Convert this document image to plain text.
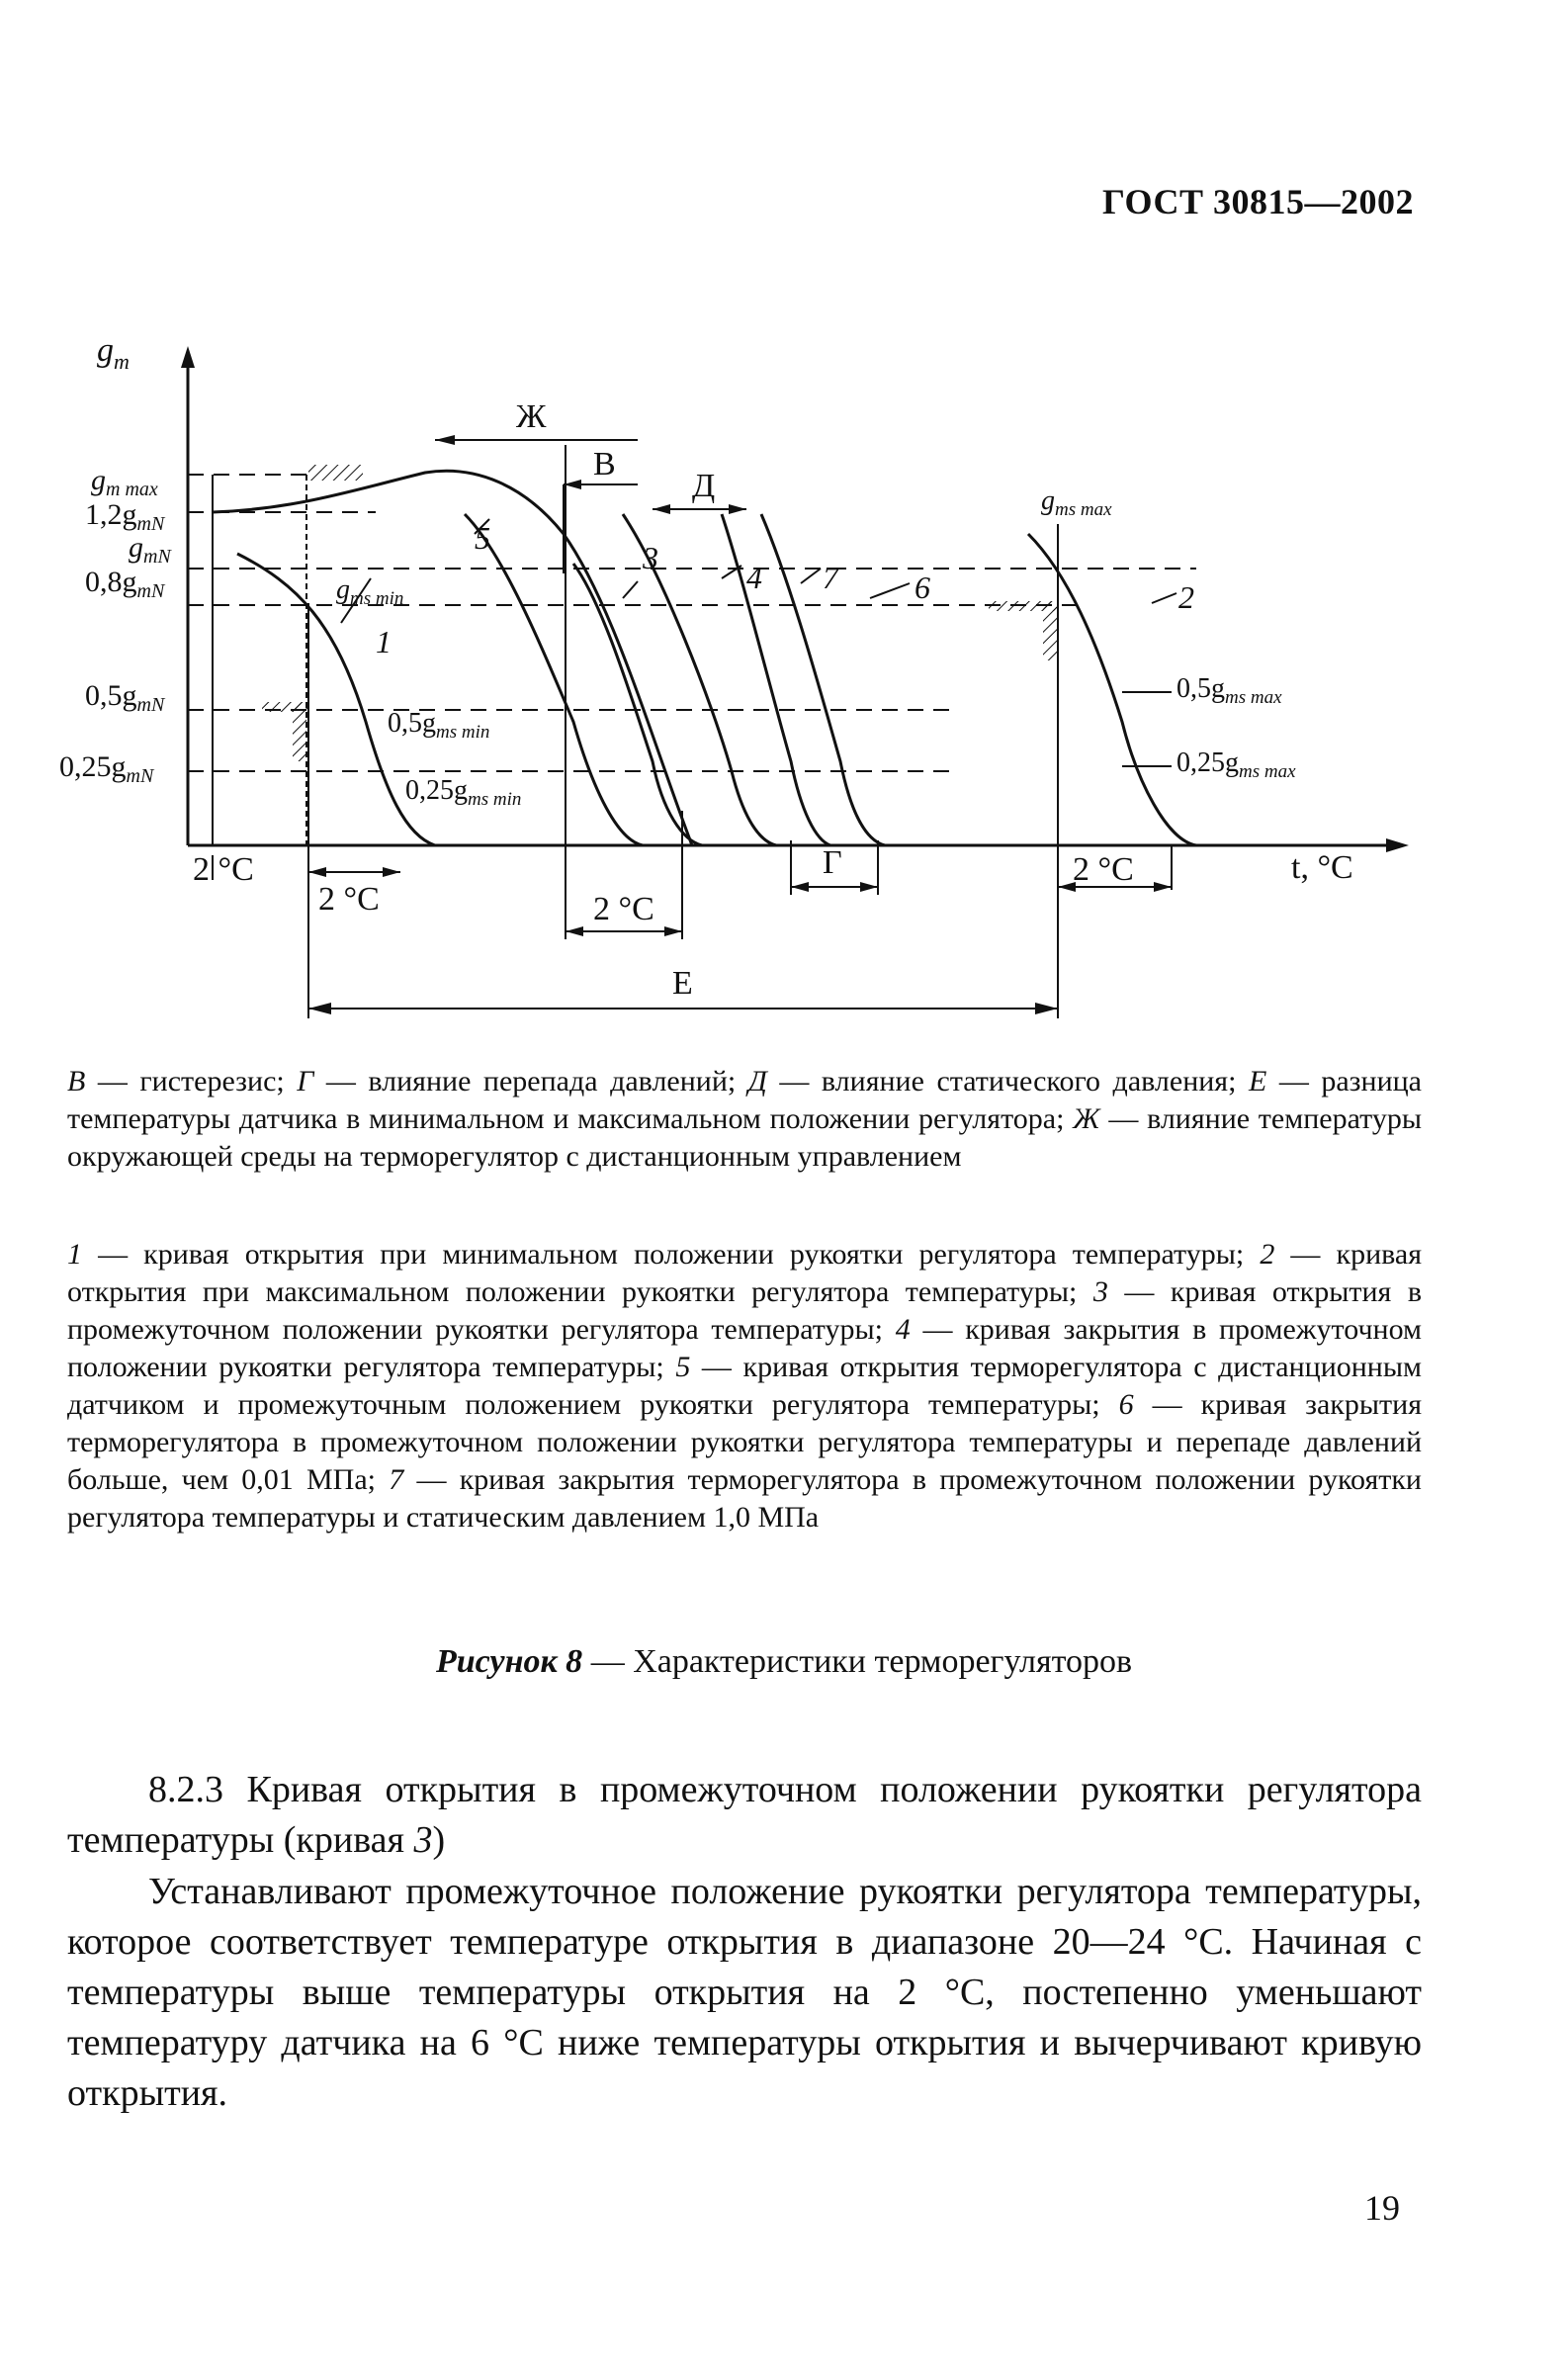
ГОСТ 30815—2002
$g_m$
t, °C
$g_{m max}$
$1,2g_{mN}$
$g_{mN}$
$0,8g_{mN}$
$0,5g_{mN}$
$0,25g_{mN}$
1
2
3
4
5
6
7
$g_{ms min}$
$g_{ms max}$
$0,5g_{ms min}$
$0,25g_{ms min}$
$0,5g_{ms max}$
$0,25g_{ms max}$
Ж
В
Д
Г
Е
2 °C
2 °C	2 °C
2 °C
В — гистерезис; Г — влияние перепада давлений; Д — влияние статического давления; Е — разница температуры датчика в минимальном и максимальном положении регулятора; Ж — влияние температуры окружающей среды на терморегулятор с дистанционным управлением
1 — кривая открытия при минимальном положении рукоятки регулятора температуры; 2 — кривая открытия при максимальном положении рукоятки регулятора температуры; 3 — кривая открытия в промежуточном положении рукоятки регулятора температуры; 4 — кривая закрытия в промежуточном положении рукоятки регулятора температуры; 5 — кривая открытия терморегулятора с дистанционным датчиком и промежуточным положением рукоятки регулятора температуры; 6 — кривая закрытия терморегулятора в промежуточном положении рукоятки регулятора температуры и перепаде давлений больше, чем 0,01 МПа; 7 — кривая закрытия терморегулятора в промежуточном положении рукоятки регулятора температуры и статическим давлением 1,0 МПа
Рисунок 8 — Характеристики терморегуляторов
8.2.3 Кривая открытия в промежуточном положении рукоятки регулятора температуры (кривая 3)
Устанавливают промежуточное положение рукоятки регулятора температуры, которое соответствует температуре открытия в диапазоне 20—24 °С. Начиная с температуры выше температуры открытия на 2 °С, постепенно уменьшают температуру датчика на 6 °С ниже температуры открытия и вычерчивают кривую открытия.
19
